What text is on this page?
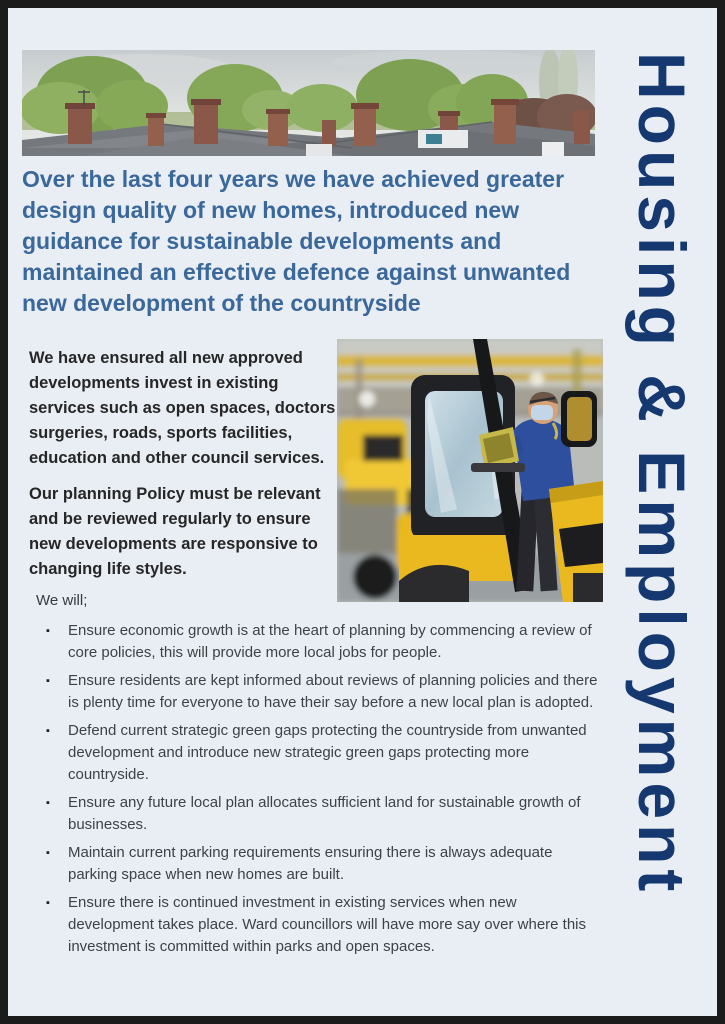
Over the last four years we have achieved greater design quality of new homes, introduced new guidance for sustainable developments and maintained an effective defence against unwanted new development of the countryside

We have ensured all new approved developments invest in existing services such as open spaces, doctors surgeries, roads, sports facilities, education and other council services.

Our planning Policy must be relevant and be reviewed regularly to ensure new developments are responsive to changing life styles.

We will;

▪	Ensure economic growth is at the heart of planning by commencing a review of core policies, this will provide more local jobs for people.
▪	Ensure residents are kept informed about reviews of planning policies and there is plenty time for everyone to have their say before a new local plan is adopted.
▪	Defend current strategic green gaps protecting the countryside from unwanted development and introduce new strategic green gaps protecting more countryside.
▪	Ensure any future local plan allocates sufficient land for sustainable growth of businesses.
▪	Maintain current parking requirements ensuring there is always adequate parking space when new homes are built.
▪	Ensure there is continued investment in existing services when new development takes place. Ward councillors will have more say over where this investment is committed within parks and open spaces.
Housing & Employment
